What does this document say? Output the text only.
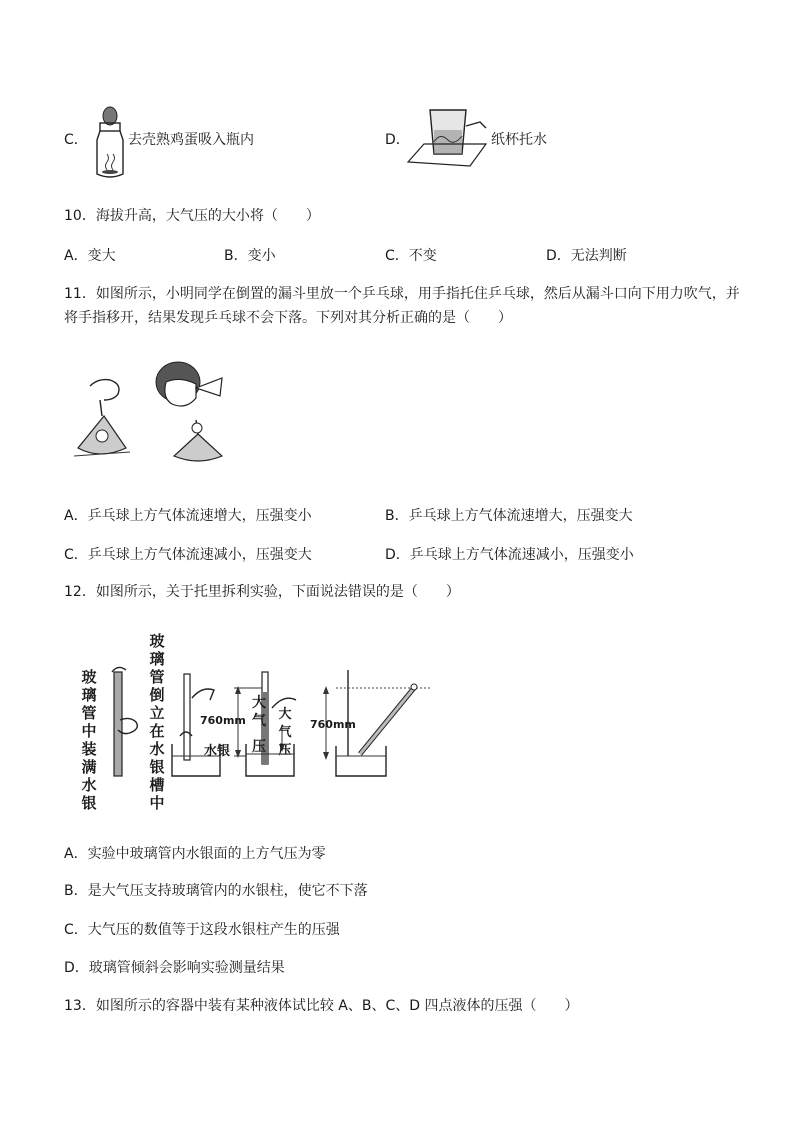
C．	去壳熟鸡蛋吸入瓶内	D．	纸杯托水
10．海拔升高，大气压的大小将（　　）
A．变大	B．变小	C．不变	D．无法判断
11．如图所示，小明同学在倒置的漏斗里放一个乒乓球，用手指托住乒乓球，然后从漏斗口向下用力吹气，并
将手指移开，结果发现乒乓球不会下落。下列对其分析正确的是（　　）
A．乒乓球上方气体流速增大，压强变小	B．乒乓球上方气体流速增大，压强变大
C．乒乓球上方气体流速减小，压强变大	D．乒乓球上方气体流速减小，压强变小
12．如图所示，关于托里拆利实验，下面说法错误的是（　　）
玻璃管中装满水银
玻璃管倒立在水银槽中
水银
760mm
大气
压
大气压
760mm
A．实验中玻璃管内水银面的上方气压为零
B．是大气压支持玻璃管内的水银柱，使它不下落
C．大气压的数值等于这段水银柱产生的压强
D．玻璃管倾斜会影响实验测量结果
13．如图所示的容器中装有某种液体试比较 A、B、C、D 四点液体的压强（　　）
